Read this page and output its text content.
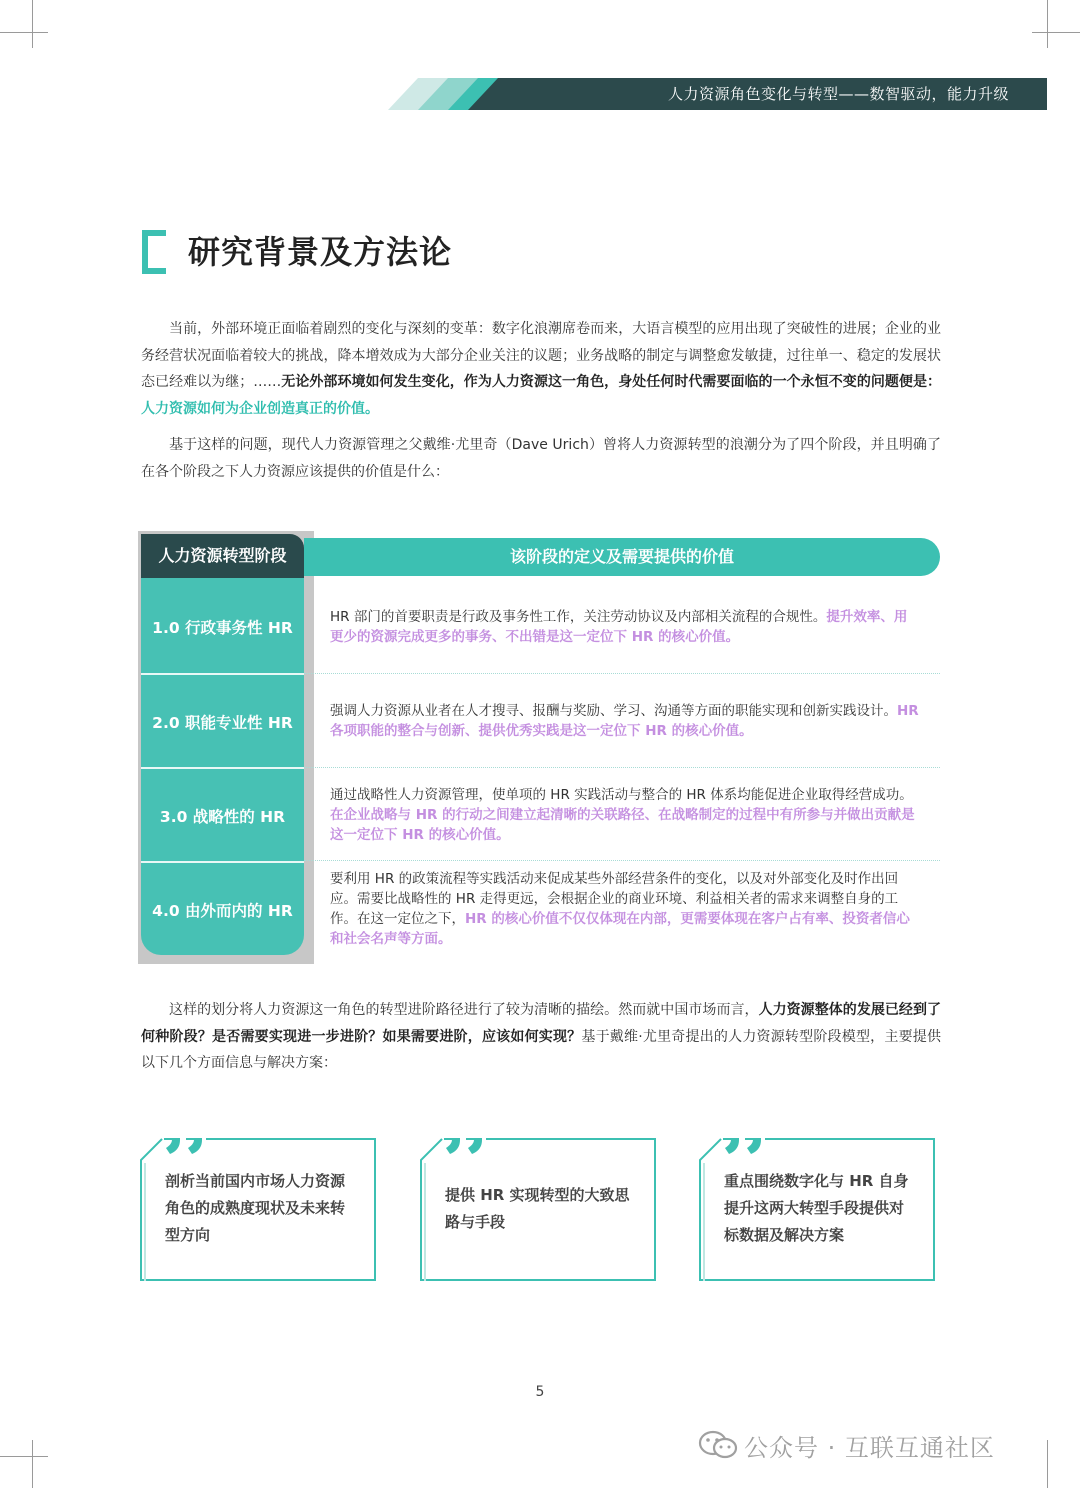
人力资源角色变化与转型——数智驱动，能力升级
研究背景及方法论
当前，外部环境正面临着剧烈的变化与深刻的变革：数字化浪潮席卷而来，大语言模型的应用出现了突破性的进展；企业的业务经营状况面临着较大的挑战，降本增效成为大部分企业关注的议题；业务战略的制定与调整愈发敏捷，过往单一、稳定的发展状态已经难以为继；……无论外部环境如何发生变化，作为人力资源这一角色，身处任何时代需要面临的一个永恒不变的问题便是：人力资源如何为企业创造真正的价值。
基于这样的问题，现代人力资源管理之父戴维·尤里奇（Dave Urich）曾将人力资源转型的浪潮分为了四个阶段，并且明确了在各个阶段之下人力资源应该提供的价值是什么：
该阶段的定义及需要提供的价值
人力资源转型阶段
1.0 行政事务性 HR
2.0 职能专业性 HR
3.0 战略性的 HR
4.0 由外而内的 HR
HR 部门的首要职责是行政及事务性工作，关注劳动协议及内部相关流程的合规性。提升效率、用更少的资源完成更多的事务、不出错是这一定位下 HR 的核心价值。
强调人力资源从业者在人才搜寻、报酬与奖励、学习、沟通等方面的职能实现和创新实践设计。HR 各项职能的整合与创新、提供优秀实践是这一定位下 HR 的核心价值。
通过战略性人力资源管理，使单项的 HR 实践活动与整合的 HR 体系均能促进企业取得经营成功。在企业战略与 HR 的行动之间建立起清晰的关联路径、在战略制定的过程中有所参与并做出贡献是这一定位下 HR 的核心价值。
要利用 HR 的政策流程等实践活动来促成某些外部经营条件的变化，以及对外部变化及时作出回应。需要比战略性的 HR 走得更远，会根据企业的商业环境、利益相关者的需求来调整自身的工作。在这一定位之下，HR 的核心价值不仅仅体现在内部，更需要体现在客户占有率、投资者信心和社会名声等方面。
这样的划分将人力资源这一角色的转型进阶路径进行了较为清晰的描绘。然而就中国市场而言，人力资源整体的发展已经到了何种阶段？是否需要实现进一步进阶？如果需要进阶，应该如何实现？基于戴维·尤里奇提出的人力资源转型阶段模型，主要提供以下几个方面信息与解决方案：
剖析当前国内市场人力资源角色的成熟度现状及未来转型方向
提供 HR 实现转型的大致思路与手段
重点围绕数字化与 HR 自身提升这两大转型手段提供对标数据及解决方案
5
公众号 · 互联互通社区
